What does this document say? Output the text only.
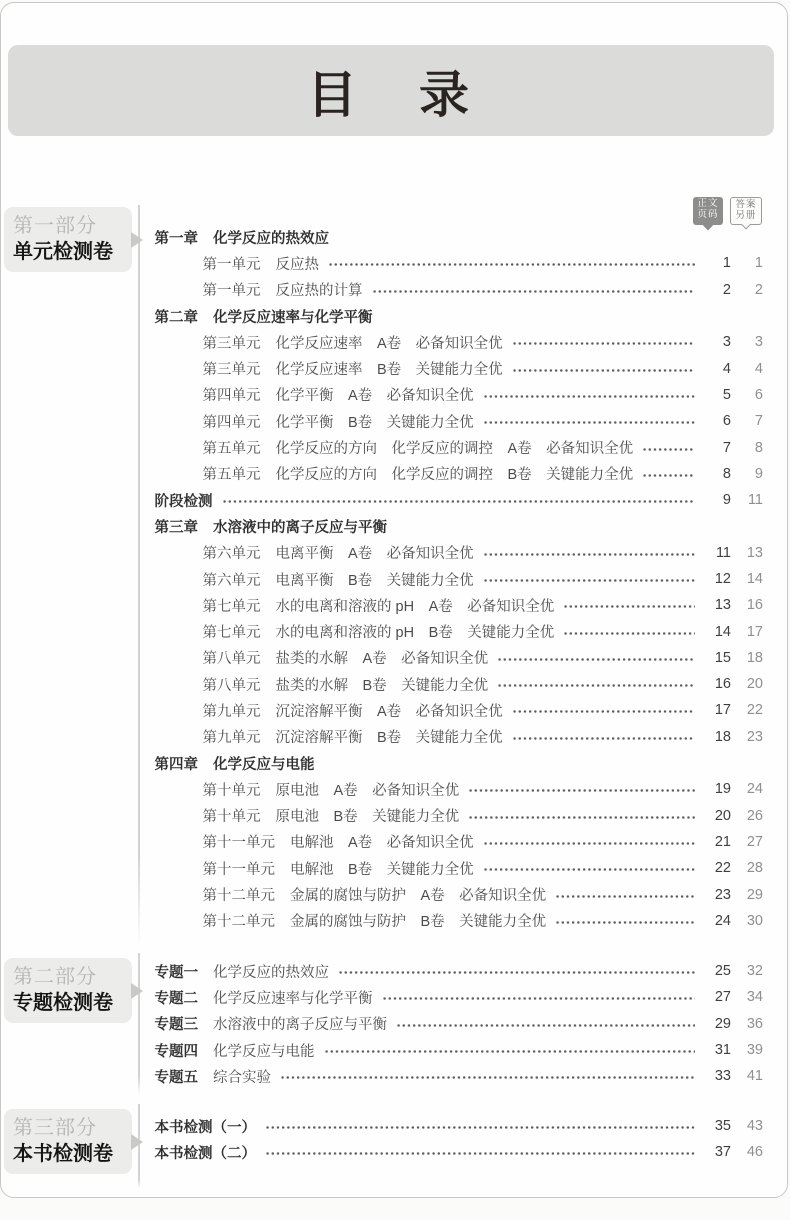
目　录
正文
页码
答案
另册
第一部分
单元检测卷
第一章 化学反应的热效应
第一单元 反应热	1	1
第一单元 反应热的计算	2	2
第二章 化学反应速率与化学平衡
第三单元 化学反应速率　A卷　必备知识全优	3	3
第三单元 化学反应速率　B卷　关键能力全优	4	4
第四单元 化学平衡　A卷　必备知识全优	5	6
第四单元 化学平衡　B卷　关键能力全优	6	7
第五单元 化学反应的方向　化学反应的调控　A卷　必备知识全优	7	8
第五单元 化学反应的方向　化学反应的调控　B卷　关键能力全优	8	9
阶段检测	9	11
第三章 水溶液中的离子反应与平衡
第六单元 电离平衡　A卷　必备知识全优	11	13
第六单元 电离平衡　B卷　关键能力全优	12	14
第七单元 水的电离和溶液的 pH　A卷　必备知识全优	13	16
第七单元 水的电离和溶液的 pH　B卷　关键能力全优	14	17
第八单元 盐类的水解　A卷　必备知识全优	15	18
第八单元 盐类的水解　B卷　关键能力全优	16	20
第九单元 沉淀溶解平衡　A卷　必备知识全优	17	22
第九单元 沉淀溶解平衡　B卷　关键能力全优	18	23
第四章 化学反应与电能
第十单元 原电池　A卷　必备知识全优	19	24
第十单元 原电池　B卷　关键能力全优	20	26
第十一单元 电解池　A卷　必备知识全优	21	27
第十一单元 电解池　B卷　关键能力全优	22	28
第十二单元 金属的腐蚀与防护　A卷　必备知识全优	23	29
第十二单元 金属的腐蚀与防护　B卷　关键能力全优	24	30
第二部分
专题检测卷
专题一 化学反应的热效应	25	32
专题二 化学反应速率与化学平衡	27	34
专题三 水溶液中的离子反应与平衡	29	36
专题四 化学反应与电能	31	39
专题五 综合实验	33	41
第三部分
本书检测卷
本书检测（一）	35	43
本书检测（二）	37	46
